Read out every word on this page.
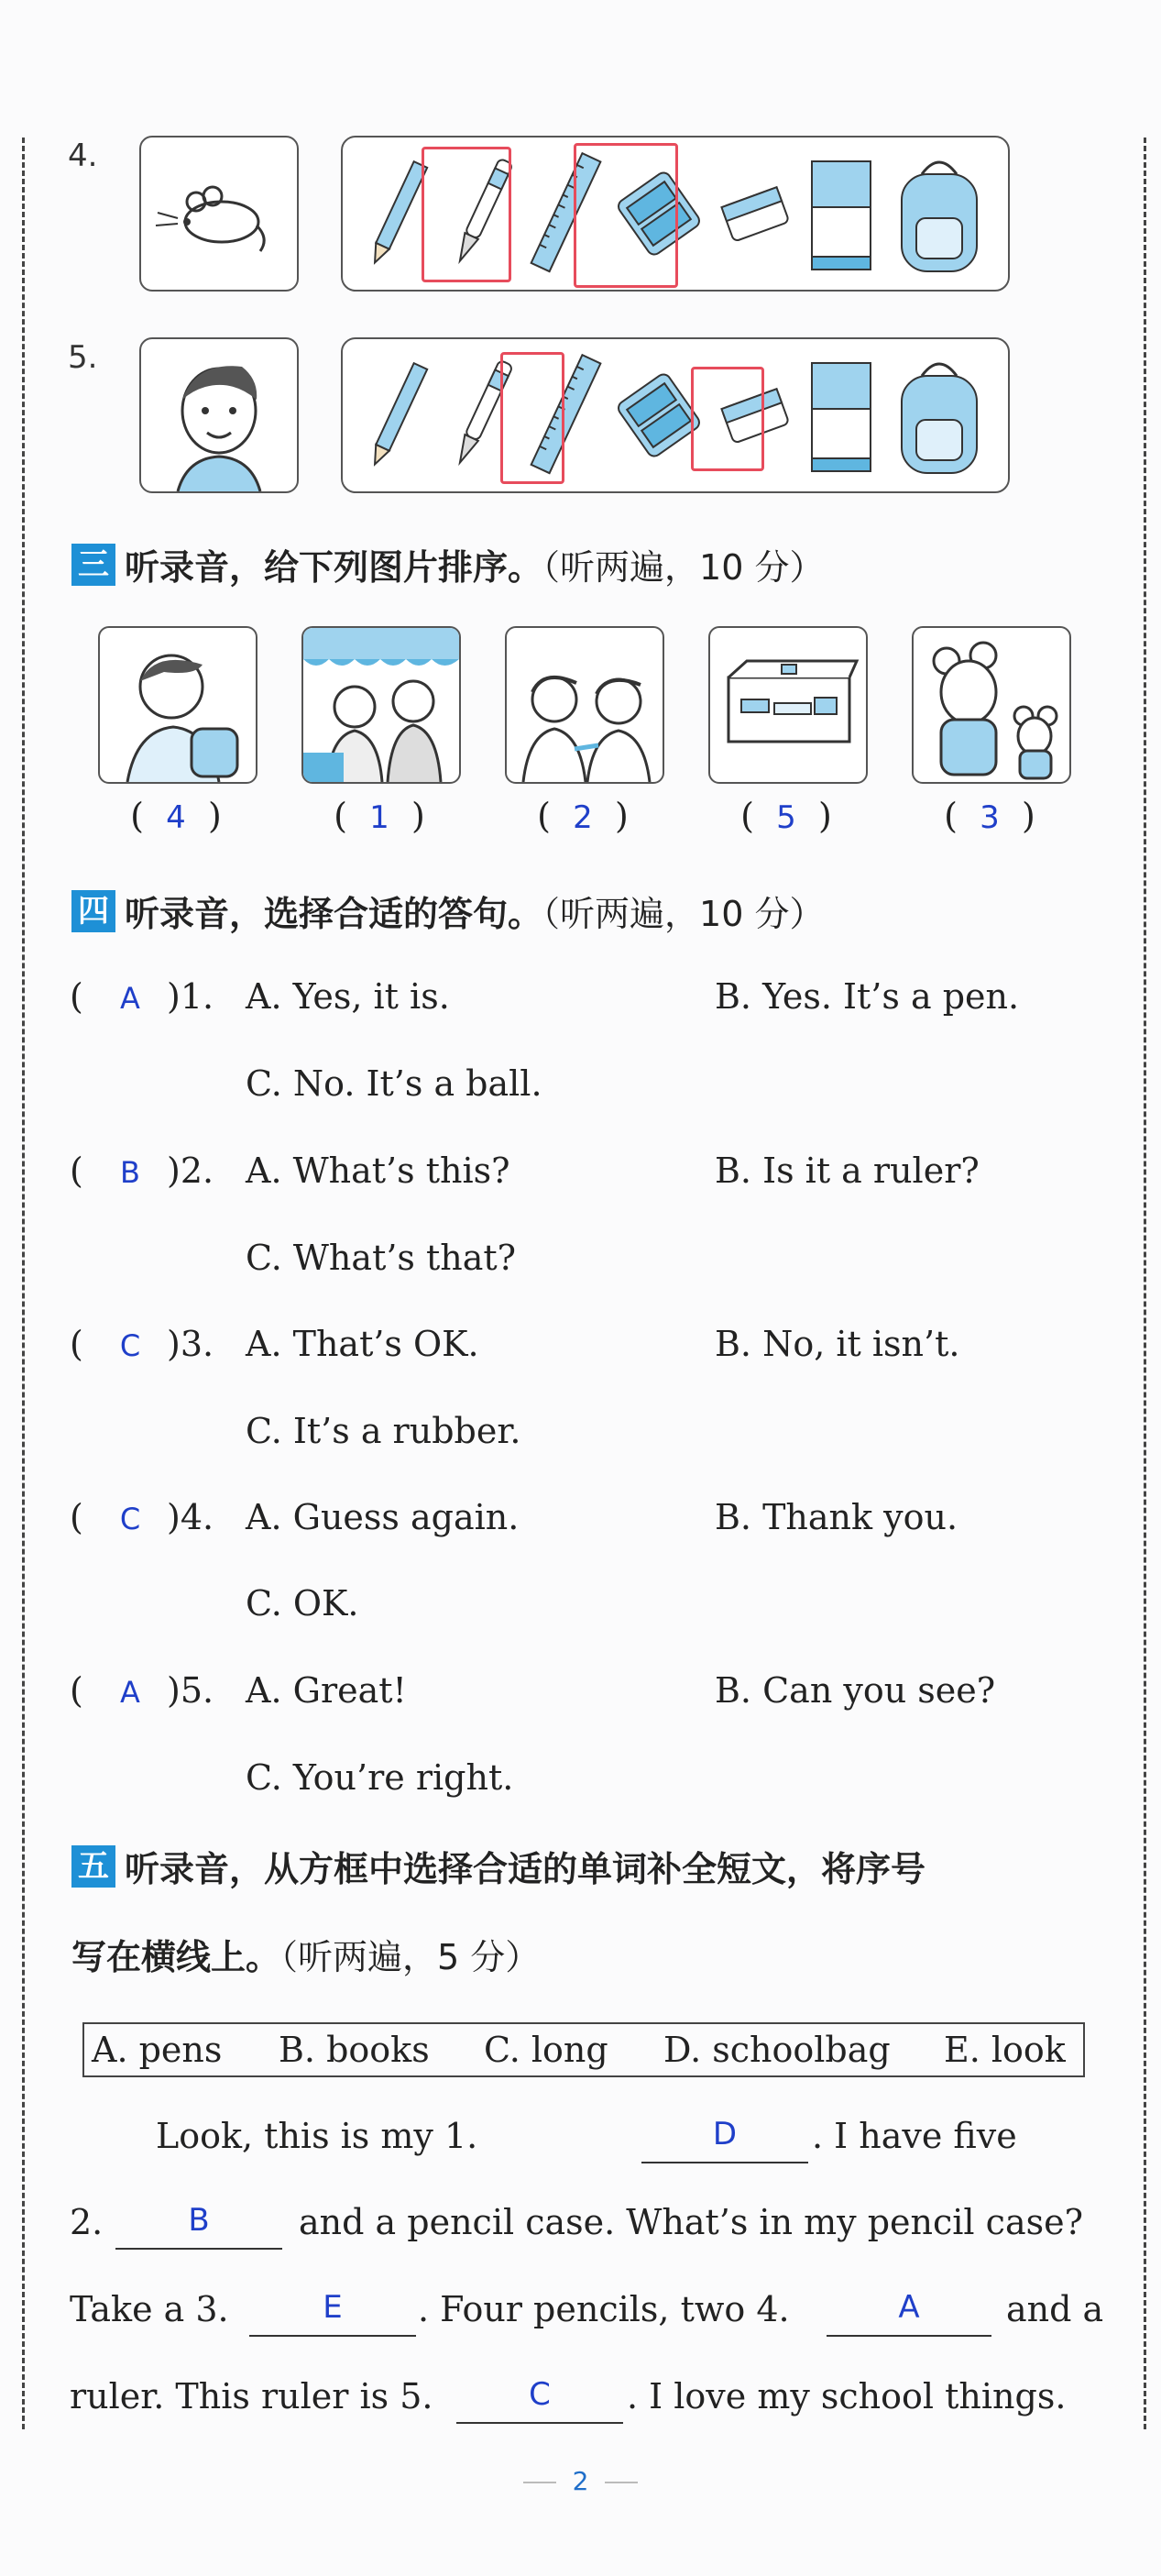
4.
5.
三 听录音，给下列图片排序。（听两遍，10 分）
( 4 )	( 1 )	( 2 )	( 5 )	( 3 )
四 听录音，选择合适的答句。（听两遍，10 分）
(	A )1. A. Yes, it is.	B. Yes. It’s a pen.
C. No. It’s a ball.
(	B )2. A. What’s this?	B. Is it a ruler?
C. What’s that?
(	C )3. A. That’s OK.	B. No, it isn’t.
C. It’s a rubber.
(	C )4. A. Guess again.	B. Thank you.
C. OK.
(	A )5. A. Great!	B. Can you see?
C. You’re right.
五 听录音，从方框中选择合适的单词补全短文，将序号
写在横线上。（听两遍，5 分）
A. pens B. books C. long D. schoolbag E. look
Look, this is my 1.	D	. I have five
2.	B	and a pencil case. What’s in my pencil case?
Take a 3.	E	. Four pencils, two 4.	A	and a
ruler. This ruler is 5.	C	. I love my school things.
2
